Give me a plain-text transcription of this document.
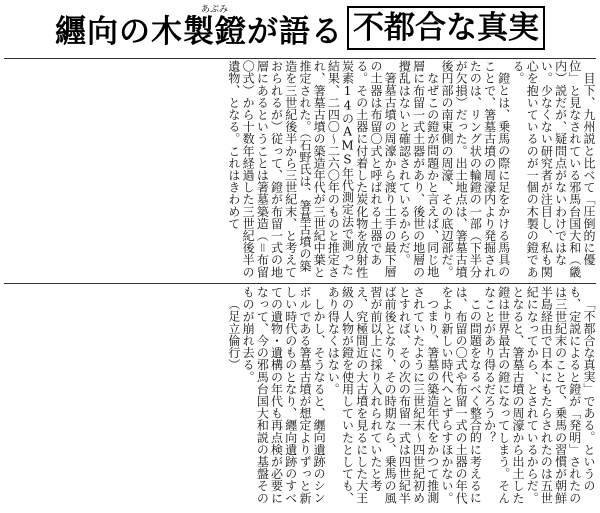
あぶみ
纒向の木製鐙が語る 不都合な真実

目下、九州説と比べて「圧倒的に優位」と見なされている邪馬台国大和（畿内）説だが、疑問点がないわけではない。少なくない研究者が注目し、私も関心を抱いているのが一個の木製の鐙である。

鐙とは、乗馬の際に足をかける馬具のことで、箸墓古墳の周濠内より発掘されたのは、リング状の輪鐙の一部（下半分が欠損）だった。出土地点は、箸墓古墳後円部の南東側の周濠、その底辺部だ。

なぜこの鐙が問題かと言えば、同じ地層に布留一式土器があり、後世の地層の攪乱はないと確認されているからだ。

箸墓古墳の周濠から渡り土手の最下層の土器は布留〇式と呼ばれる土器である。その土器に付着した炭化物を放射性炭素14のAMS年代測定法で測った結果、二四〇〜二六〇年のものと推定され、箸墓古墳の築造年代が三世紀中葉と推定された。（石野氏は、箸墓古墳の築造を三世紀後半から三世紀末、と考えておられるが）従って、鐙が布留一式の地層にあるということは箸墓築造（＝布留〇式）から十数年経過した三世紀後半の遺物、となる。これはきわめて

「不都合な真実」である。というのも、定説によると鐙が「発明」されたのは三世紀末のことで、乗馬の習慣が朝鮮半島経由で日本にもたらされたのは五世紀になってから、とされているからだ。となると、箸墓古墳の周濠から出土した鐙は世界最古の鐙になってしまう。そんなことがあり得るだろうか？

この問題をなるべく整合的に考えるには、布留の〇式や布留一式の土器の年代をより新しい時代へとずらすほかない。

つまり、箸墓の築造年代をかつて推測されていたように三世紀末〜四世紀初めとすれば、その次の布留一式は四世紀半ば前後となり、その時期なら、乗馬の風習が前以上に採り入れられていたと考え、究極間近の大古墳を見るにした大王級の人物が鐙を使用していたとしても、あり得なくはない。

しかし、そうなると、纒向遺跡のシンボルである箸墓古墳が想定よりずっと新しい時代のものとなり、纒向遺跡のすべての遺物・遺構の年代も再点検が必要になって、今の邪馬台国大和説の基盤そのものが崩れ去る。

（足立倫行）
